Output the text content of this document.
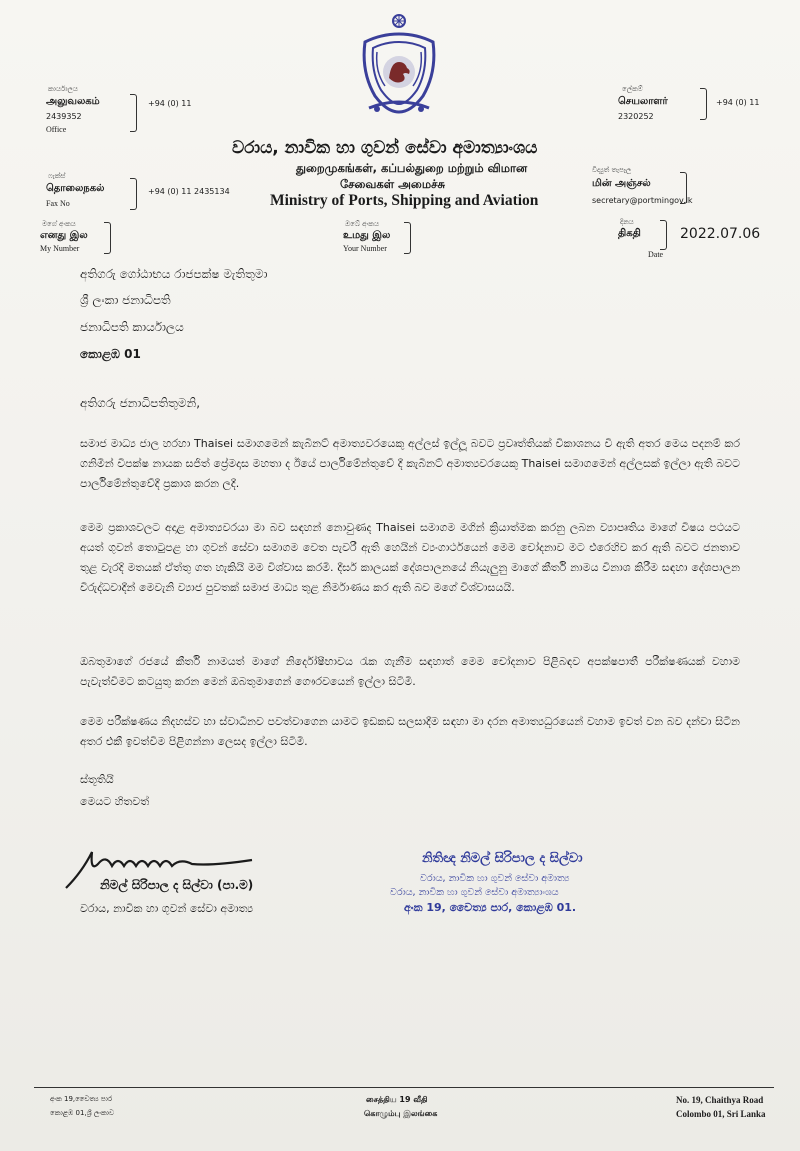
කාර්යාලය
அலுவலகம்
2439352
Office
+94 (0) 11
ෆැක්ස්
தொலைநகல்
Fax No
+94 (0) 11 2435134
ලේකම්
செயலாளர்
2320252
+94 (0) 11
විද්‍යුත් තැපෑල
மின் அஞ்சல்
secretary@portmingov.lk
වරාය, නාවික හා ගුවන් සේවා අමාත්‍යාංශය
துறைமுகங்கள், கப்பல்துறை மற்றும் விமான
சேவைகள் அமைச்சு
Ministry of Ports, Shipping and Aviation
මගේ අංකය
எனது இல
My Number
ඔබේ අංකය
உமது இல
Your Number
දිනය
திகதி
Date
2022.07.06
අතිගරු ගෝඨාභය රාජපක්ෂ මැතිතුමා
ශ්‍රී ලංකා ජනාධිපති
ජනාධිපති කාර්යාලය
කොළඹ 01
අතිගරු ජනාධිපතිතුමනි,
සමාජ මාධ්‍ය ජාල හරහා Thaisei සමාගමෙන් කැබිනට් අමාත්‍යවරයෙකු අල්ලස් ඉල්ලූ බවට ප්‍රවෘත්තියක් විකාශනය වී ඇති අතර මෙය පදනම් කර ගනිමින් විපක්ෂ නායක සජිත් ප්‍රේමදාස මහතා ද ඊයේ පාර්ලිමේන්තුවේ දී කැබිනට් අමාත්‍යවරයෙකු Thaisei සමාගමෙන් අල්ලසක් ඉල්ලා ඇති බවට පාර්ලිමේන්තුවේදී ප්‍රකාශ කරන ලදී.
මෙම ප්‍රකාශවලට අදාළ අමාත්‍යවරයා මා බව සඳහන් නොවුණද Thaisei සමාගම මගින් ක්‍රියාත්මක කරනු ලබන ව්‍යාපෘතිය මාගේ විෂය පථයට අයත් ගුවන් තොටුපළ හා ගුවන් සේවා සමාගම වෙත පැවරී ඇති හෙයින් ව්‍යංගාර්ථයෙන් මෙම චෝදනාව මට එරෙහිව කර ඇති බවට ජනතාව තුළ වැරදි මතයක් ඒත්තු ගත හැකියි මම විශ්වාස කරමි. දීර්ඝ කාලයක් දේශපාලනයේ නියැලුනු මාගේ කීර්ති නාමය විනාශ කිරීම සඳහා දේශපාලන විරුද්ධවාදීන් මෙවැනි ව්‍යාජ පුවතක් සමාජ මාධ්‍ය තුළ නිර්මාණය කර ඇති බව මගේ විශ්වාසයයි.
ඔබතුමාගේ රජයේ කීර්ති නාමයත් මාගේ නිර්දෝෂීභාවය රැක ගැනීම සඳහාත් මෙම චෝදනාව පිළිබඳව අපක්ෂපාතී පරීක්ෂණයක් වහාම පැවැත්වීමට කටයුතු කරන මෙන් ඔබතුමාගෙන් ගෞරවයෙන් ඉල්ලා සිටිමි.
මෙම පරීක්ෂණය නිදහස්ව හා ස්වාධීනව පවත්වාගෙන යාමට ඉඩකඩ සලසාදීම සඳහා මා දරන අමාත්‍යධුරයෙන් වහාම ඉවත් වන බව දන්වා සිටින අතර එකී ඉවත්වීම පිළිගන්නා ලෙසද ඉල්ලා සිටිමි.
ස්තූතියි
මෙයට හිතවත්
නිමල් සිරිපාල ද සිල්වා (පා.ම)
වරාය, නාවික හා ගුවන් සේවා අමාත්‍ය
නිතිඥ නිමල් සිරිපාල ද සිල්වා
වරාය, නාවික හා ගුවන් සේවා අමාත්‍ය
වරාය, නාවික හා ගුවන් සේවා අමාත්‍යාංශය
අංක 19, චෛත්‍ය පාර, කොළඹ 01.
අංක 19,චෛත්‍ය පාර
කොළඹ 01,ශ්‍රී ලංකාව
சைத்திய 19 வீதி
கொழும்பு இலங்கை
No. 19, Chaithya Road
Colombo 01, Sri Lanka
